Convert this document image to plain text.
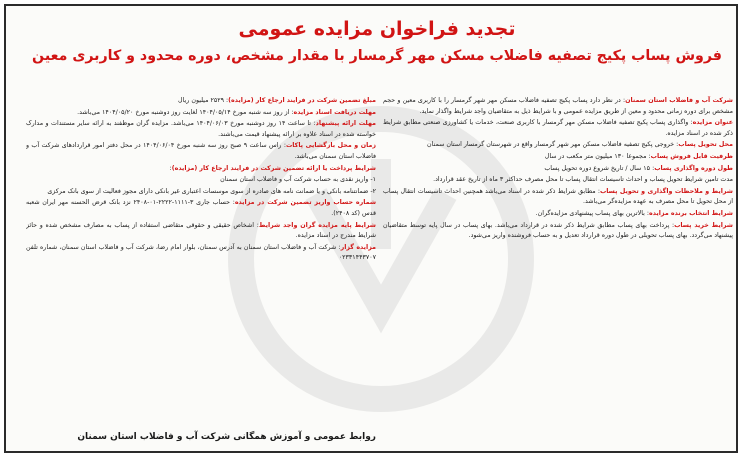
تجدید فراخوان مزایده عمومی
فروش پساب پکیج تصفیه فاضلاب مسکن مهر گرمسار با مقدار مشخص، دوره محدود و کاربری معین

شرکت آب و فاضلاب استان سمنان: در نظر دارد پساب پکیج تصفیه فاضلاب مسکن مهر شهر گرمسار را با کاربری معین و حجم مشخص برای دوره زمانی محدود و معین از طریق مزایده عمومی و با شرایط ذیل به متقاضیان واجد شرایط واگذار نماید.

عنوان مزایده: واگذاری پساب پکیج تصفیه فاضلاب مسکن مهر گرمسار با کاربری صنعت، خدمات یا کشاورزی صنعتی مطابق شرایط ذکر شده در اسناد مزایده.

محل تحویل پساب: خروجی پکیج تصفیه فاضلاب مسکن مهر شهر گرمسار واقع در شهرستان گرمسار استان سمنان

ظرفیت قابل فروش پساب: مجموعا ۱۳۰ میلیون متر مکعب در سال

طول دوره واگذاری پساب: ۱۵ سال / تاریخ شروع دوره تحویل پساب

مدت تامین شرایط تحویل پساب و احداث تاسیسات انتقال پساب تا محل مصرف حداکثر ۳ ماه از تاریخ عقد قرارداد.

شرایط و ملاحظات واگذاری و تحویل پساب: مطابق شرایط ذکر شده در اسناد می‌باشد همچنین احداث تاسیسات انتقال پساب از محل تحویل تا محل مصرف به عهده مزایده‌گر می‌باشد.

شرایط انتخاب برنده مزایده: بالاترین بهای پساب پیشنهادی مزایده‌گران.

شرایط خرید پساب: پرداخت بهای پساب مطابق شرایط ذکر شده در قرارداد می‌باشد. بهای پساب در سال پایه توسط متقاضیان پیشنهاد می‌گردد. بهای پساب تحویلی در طول دوره قرارداد تعدیل و به حساب فروشنده واریز می‌شود.

مبلغ تضمین شرکت در فرایند ارجاع کار (مزایده): ۲۵۲۹ میلیون ریال

مهلت دریافت اسناد مزایده: از روز سه شنبه مورخ ۱۴۰۴/۰۵/۱۴ لغایت روز دوشنبه مورخ ۱۴۰۴/۰۵/۲۰ می‌باشد.

مهلت ارائه پیشنهاد: تا ساعت ۱۴ روز دوشنبه مورخ ۱۴۰۴/۰۶/۰۳ می‌باشد. مزایده گران موظفند به ارائه سایر مستندات و مدارک خواسته شده در اسناد علاوه بر ارائه پیشنهاد قیمت می‌باشند.

زمان و محل بازگشایی پاکات: راس ساعت ۹ صبح روز سه شنبه مورخ ۱۴۰۴/۰۶/۰۴ در محل دفتر امور قراردادهای شرکت آب و فاضلاب استان سمنان می‌باشد.

شرایط پرداخت یا ارائه تضمین شرکت در فرایند ارجاع کار (مزایده):

۱- واریز نقدی به حساب شرکت آب و فاضلاب استان سمنان

۲- ضمانتنامه بانکی و یا ضمانت نامه های صادره از سوی موسسات اعتباری غیر بانکی دارای مجوز فعالیت از سوی بانک مرکزی

شماره حساب واریز تضمین شرکت در مزایده: حساب جاری ۳-۱۱۱۱-۲۲۲۲-۰۱-۲۴۰۸ نزد بانک قرض الحسنه مهر ایران شعبه قدس (کد ۲۴۰۸).

شرایط پایه مزایده گران واجد شرایط: اشخاص حقیقی و حقوقی متقاضی استفاده از پساب به مصارف مشخص شده و حائز شرایط مندرج در اسناد مزایده.

مزایده گزار: شرکت آب و فاضلاب استان سمنان به آدرس سمنان، بلوار امام رضا، شرکت آب و فاضلاب استان سمنان، شماره تلفن ۰۲۳۳۱۴۴۳۷۰۷

روابط عمومی و آموزش همگانی شرکت آب و فاضلاب استان سمنان
